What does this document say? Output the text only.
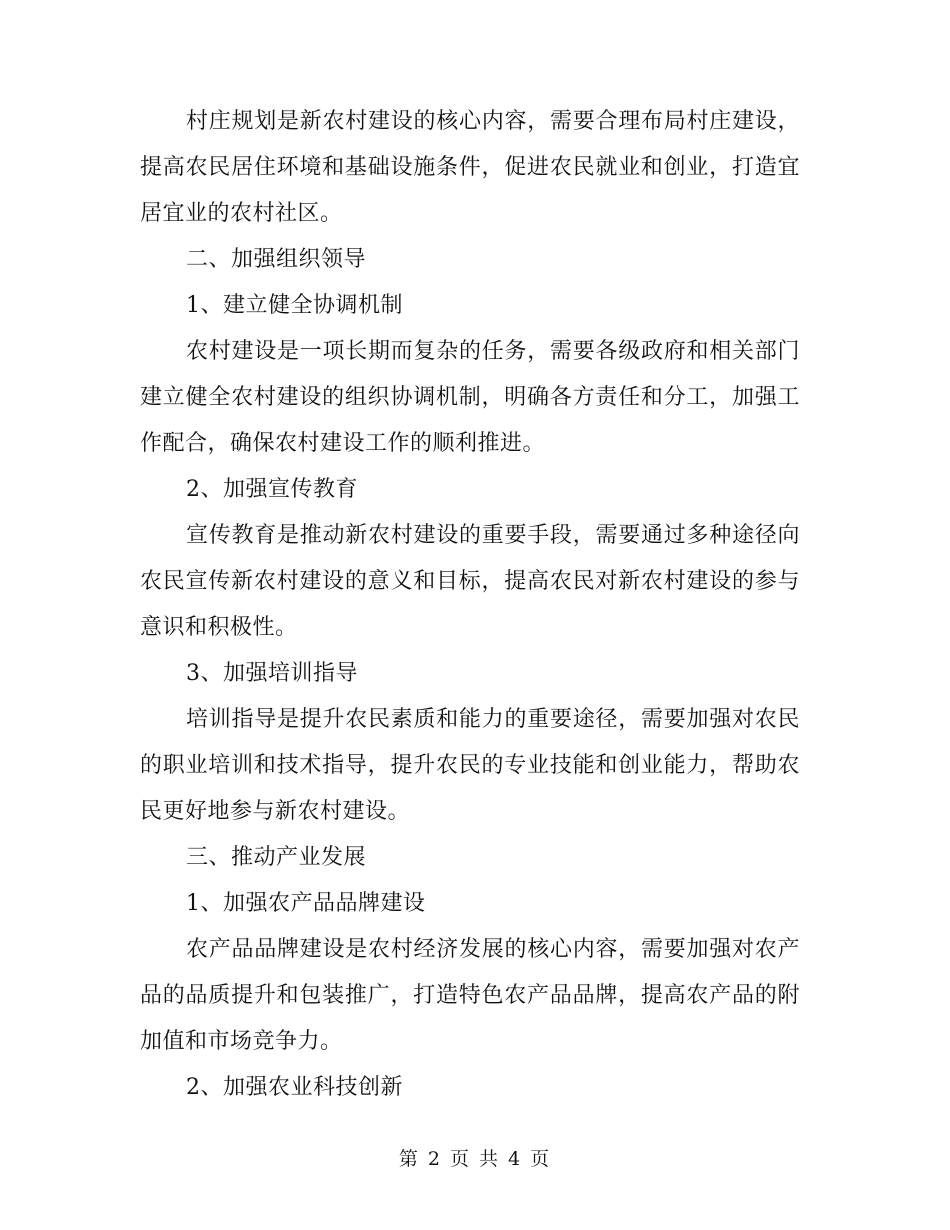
村庄规划是新农村建设的核心内容，需要合理布局村庄建设，提高农民居住环境和基础设施条件，促进农民就业和创业，打造宜居宜业的农村社区。

二、加强组织领导

1、建立健全协调机制

农村建设是一项长期而复杂的任务，需要各级政府和相关部门建立健全农村建设的组织协调机制，明确各方责任和分工，加强工作配合，确保农村建设工作的顺利推进。

2、加强宣传教育

宣传教育是推动新农村建设的重要手段，需要通过多种途径向农民宣传新农村建设的意义和目标，提高农民对新农村建设的参与意识和积极性。

3、加强培训指导

培训指导是提升农民素质和能力的重要途径，需要加强对农民的职业培训和技术指导，提升农民的专业技能和创业能力，帮助农民更好地参与新农村建设。

三、推动产业发展

1、加强农产品品牌建设

农产品品牌建设是农村经济发展的核心内容，需要加强对农产品的品质提升和包装推广，打造特色农产品品牌，提高农产品的附加值和市场竞争力。

2、加强农业科技创新

第 2 页 共 4 页
